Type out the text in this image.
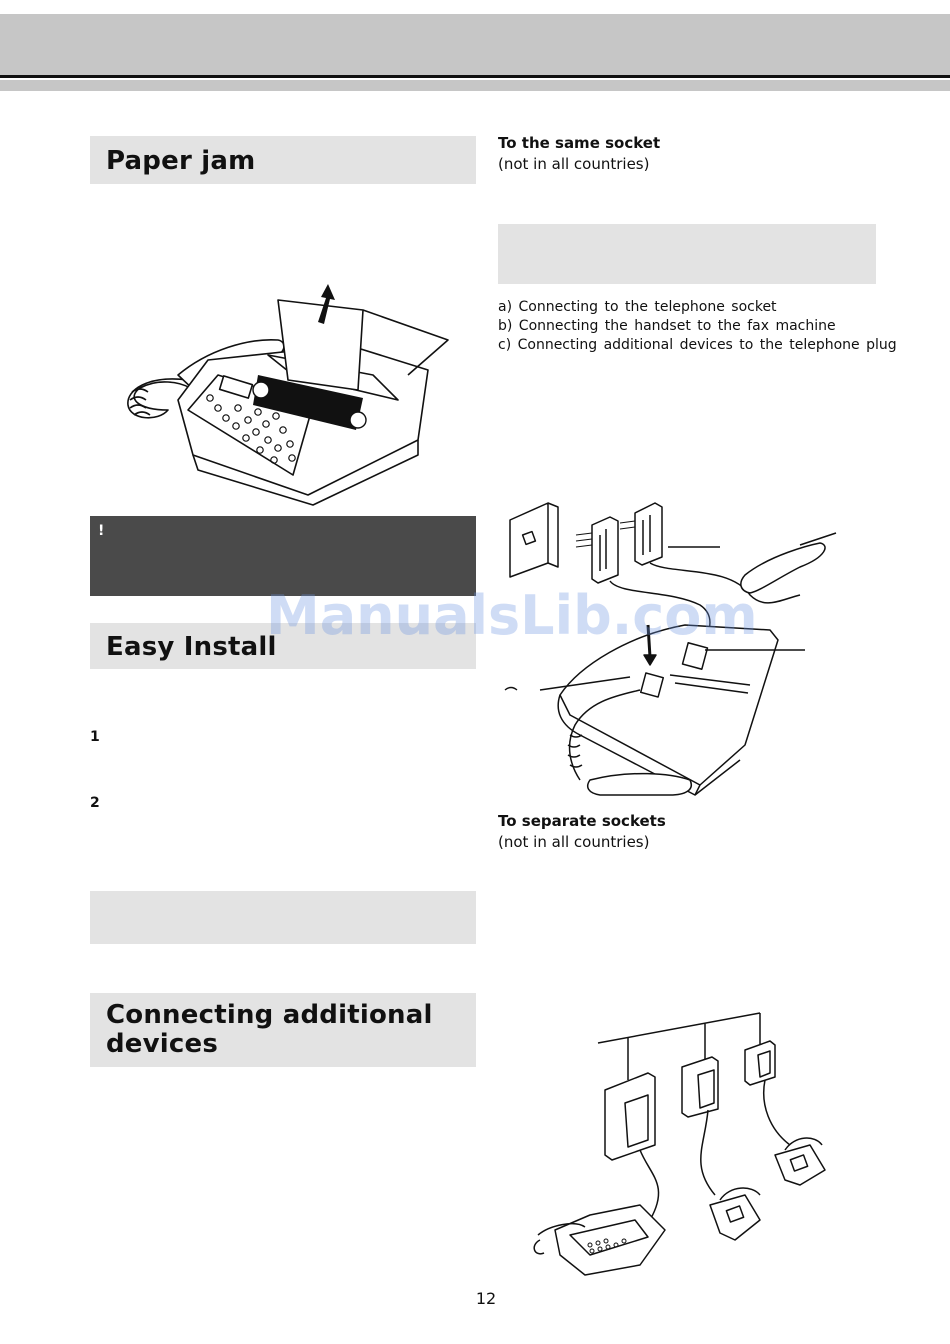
Paper jam
!
Easy Install
1
2
Connecting additional
devices
To the same socket
(not in all countries)
a) Connecting to the telephone socket
b) Connecting the handset to the fax machine
c) Connecting additional devices to the telephone plug
To separate sockets
(not in all countries)
ManualsLib.com
12
